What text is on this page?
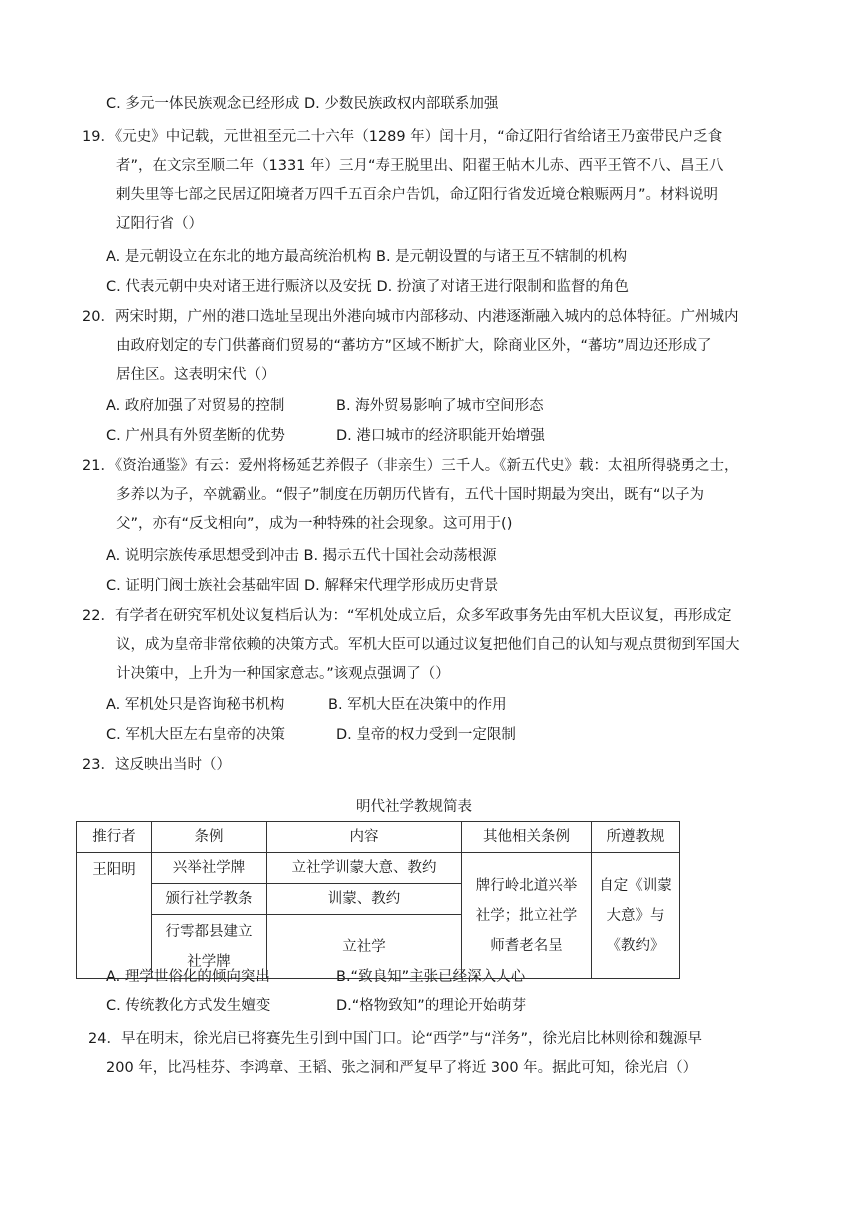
C. 多元一体民族观念已经形成 D. 少数民族政权内部联系加强
19．《元史》中记载，元世祖至元二十六年（1289 年）闰十月，“命辽阳行省给诸王乃蛮带民户乏食
者”，在文宗至顺二年（1331 年）三月“寿王脱里出、阳翟王帖木儿赤、西平王管不八、昌王八
剌失里等七部之民居辽阳境者万四千五百余户告饥，命辽阳行省发近境仓粮赈两月”。材料说明
辽阳行省（）
A. 是元朝设立在东北的地方最高统治机构 B. 是元朝设置的与诸王互不辖制的机构
C. 代表元朝中央对诸王进行赈济以及安抚 D. 扮演了对诸王进行限制和监督的角色
20．两宋时期，广州的港口选址呈现出外港向城市内部移动、内港逐渐融入城内的总体特征。广州城内
由政府划定的专门供蕃商们贸易的“蕃坊方”区域不断扩大，除商业区外，“蕃坊”周边还形成了
居住区。这表明宋代（）
A. 政府加强了对贸易的控制	B. 海外贸易影响了城市空间形态
C. 广州具有外贸垄断的优势	D. 港口城市的经济职能开始增强
21．《资治通鉴》有云：爱州将杨延艺养假子（非亲生）三千人。《新五代史》载：太祖所得骁勇之士，
多养以为子，卒就霸业。“假子”制度在历朝历代皆有，五代十国时期最为突出，既有“以子为
父”，亦有“反戈相向”，成为一种特殊的社会现象。这可用于()
A. 说明宗族传承思想受到冲击 B. 揭示五代十国社会动荡根源
C. 证明门阀士族社会基础牢固 D. 解释宋代理学形成历史背景
22．有学者在研究军机处议复档后认为：“军机处成立后，众多军政事务先由军机大臣议复，再形成定
议，成为皇帝非常依赖的决策方式。军机大臣可以通过议复把他们自己的认知与观点贯彻到军国大
计决策中，上升为一种国家意志。”该观点强调了（）
A. 军机处只是咨询秘书机构	B. 军机大臣在决策中的作用
C. 军机大臣左右皇帝的决策	D. 皇帝的权力受到一定限制
23．这反映出当时（）
A. 理学世俗化的倾向突出	B.“致良知”主张已经深入人心
C. 传统教化方式发生嬗变	D.“格物致知”的理论开始萌芽
24．早在明末，徐光启已将赛先生引到中国门口。论“西学”与“洋务”，徐光启比林则徐和魏源早
200 年，比冯桂芬、李鸿章、王韬、张之洞和严复早了将近 300 年。据此可知，徐光启（）
明代社学教规简表
推行者	条例	内容	其他相关条例	所遵教规
王阳明	兴举社学牌	立社学训蒙大意、教约	牌行岭北道兴举社学；批立社学师耆老名呈	自定《训蒙大意》与《教约》
	颁行社学教条	训蒙、教约		
	行雩都县建立社学牌	立社学		
